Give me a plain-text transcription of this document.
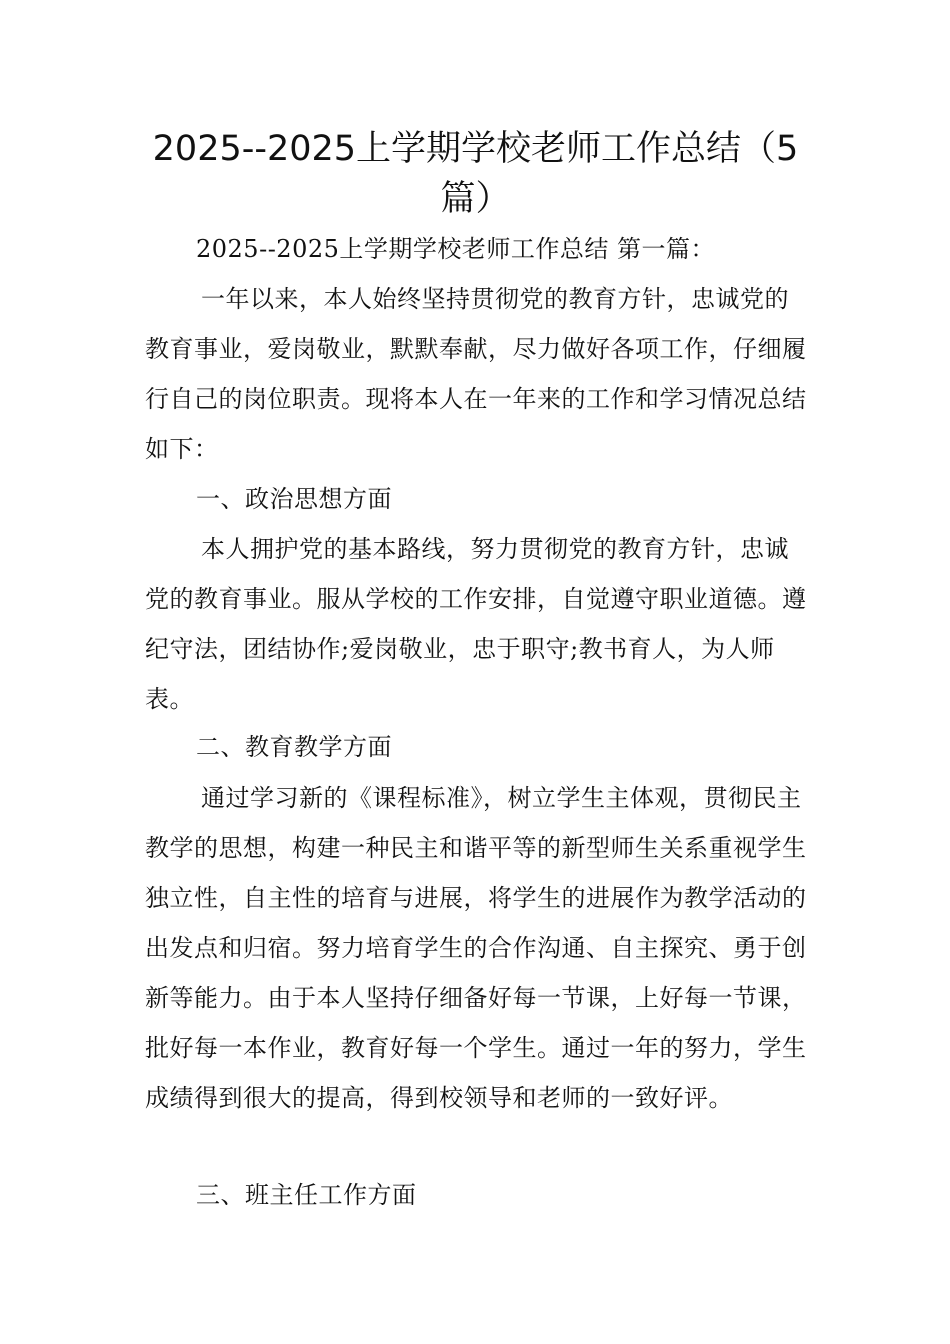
2025--2025上学期学校老师工作总结（5篇）

2025--2025上学期学校老师工作总结 第一篇：

一年以来，本人始终坚持贯彻党的教育方针，忠诚党的教育事业，爱岗敬业，默默奉献，尽力做好各项工作，仔细履行自己的岗位职责。现将本人在一年来的工作和学习情况总结如下：

一、政治思想方面

本人拥护党的基本路线，努力贯彻党的教育方针，忠诚党的教育事业。服从学校的工作安排，自觉遵守职业道德。遵纪守法，团结协作;爱岗敬业，忠于职守;教书育人，为人师表。

二、教育教学方面

通过学习新的《课程标准》，树立学生主体观，贯彻民主教学的思想，构建一种民主和谐平等的新型师生关系重视学生独立性，自主性的培育与进展，将学生的进展作为教学活动的出发点和归宿。努力培育学生的合作沟通、自主探究、勇于创新等能力。由于本人坚持仔细备好每一节课，上好每一节课，批好每一本作业，教育好每一个学生。通过一年的努力，学生成绩得到很大的提高，得到校领导和老师的一致好评。

三、班主任工作方面
